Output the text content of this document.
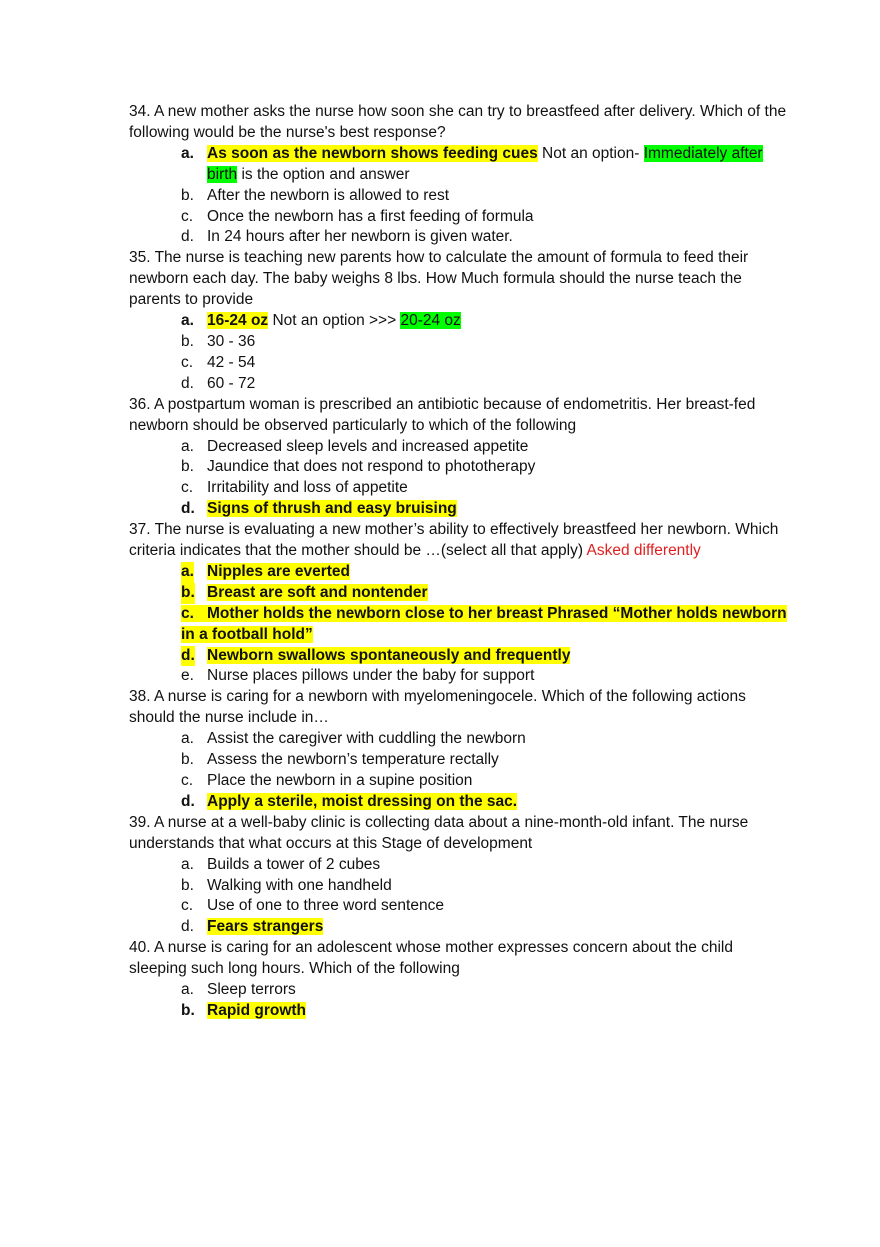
34. A new mother asks the nurse how soon she can try to breastfeed after delivery. Which of the following would be the nurse's best response?

a. As soon as the newborn shows feeding cues Not an option- Immediately after birth is the option and answer

b. After the newborn is allowed to rest

c. Once the newborn has a first feeding of formula

d. In 24 hours after her newborn is given water.

35. The nurse is teaching new parents how to calculate the amount of formula to feed their newborn each day. The baby weighs 8 lbs. How Much formula should the nurse teach the parents to provide

a. 16-24 oz Not an option >>> 20-24 oz

b. 30 - 36

c. 42 - 54

d. 60 - 72

36. A postpartum woman is prescribed an antibiotic because of endometritis. Her breast-fed newborn should be observed particularly to which of the following

a. Decreased sleep levels and increased appetite

b. Jaundice that does not respond to phototherapy

c. Irritability and loss of appetite

d. Signs of thrush and easy bruising

37. The nurse is evaluating a new mother’s ability to effectively breastfeed her newborn. Which criteria indicates that the mother should be …(select all that apply) Asked differently

a. Nipples are everted

b. Breast are soft and nontender

c. Mother holds the newborn close to her breast Phrased “Mother holds newborn in a football hold”

d. Newborn swallows spontaneously and frequently

e. Nurse places pillows under the baby for support

38. A nurse is caring for a newborn with myelomeningocele. Which of the following actions should the nurse include in…

a. Assist the caregiver with cuddling the newborn

b. Assess the newborn’s temperature rectally

c. Place the newborn in a supine position

d. Apply a sterile, moist dressing on the sac.

39. A nurse at a well-baby clinic is collecting data about a nine-month-old infant. The nurse understands that what occurs at this Stage of development

a. Builds a tower of 2 cubes

b. Walking with one handheld

c. Use of one to three word sentence

d. Fears strangers

40. A nurse is caring for an adolescent whose mother expresses concern about the child sleeping such long hours. Which of the following

a. Sleep terrors

b. Rapid growth
